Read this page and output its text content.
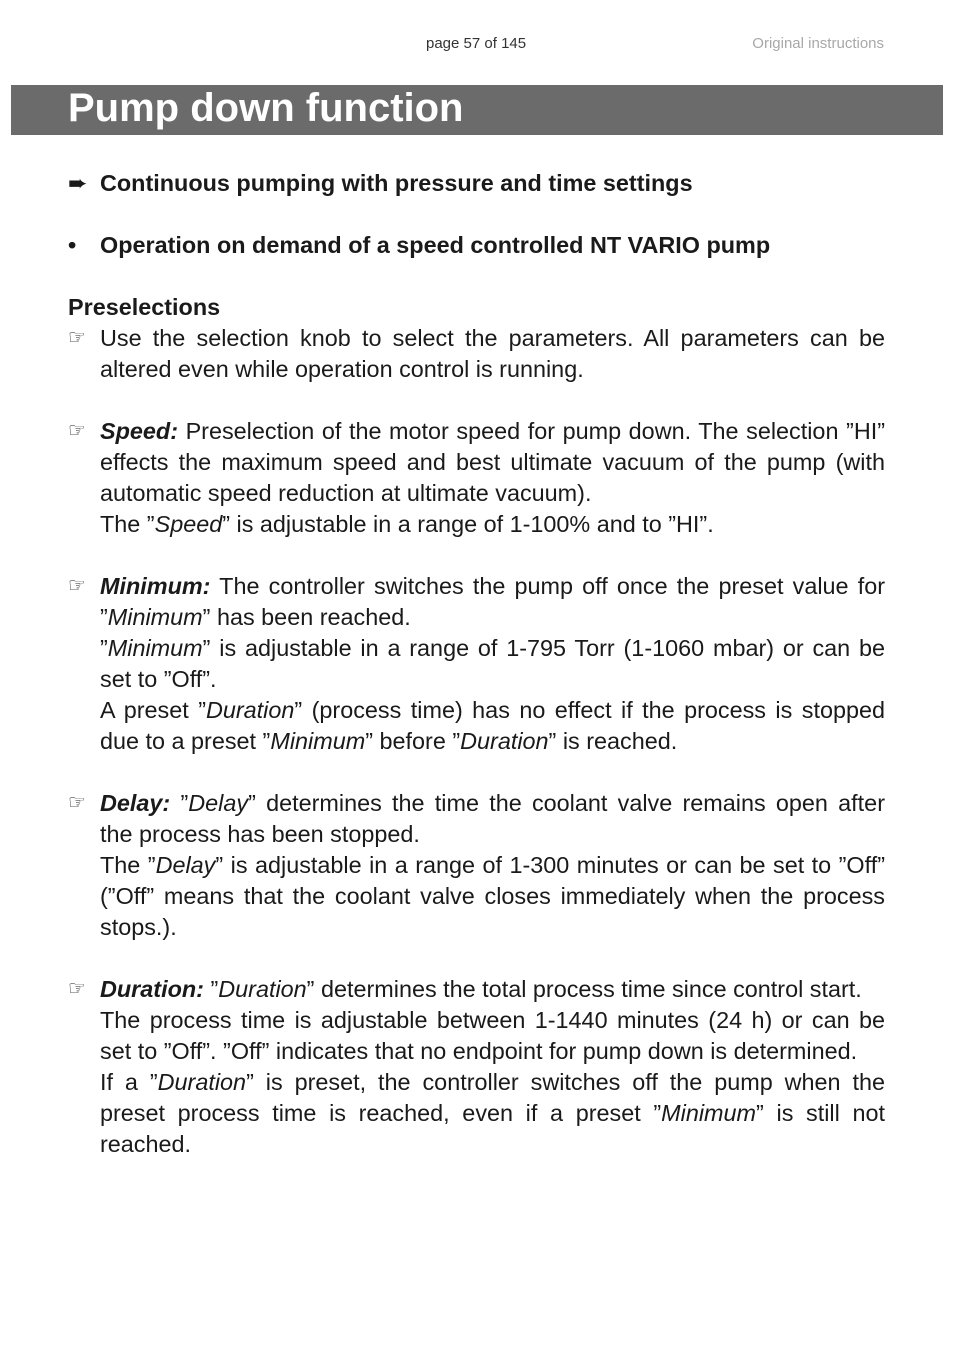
page 57 of 145	Original instructions
Pump down function
➨ Continuous pumping with pressure and time settings
•	Operation on demand of a speed controlled NT VARIO pump
Preselections
☞ Use the selection knob to select the parameters. All parameters can be altered even while operation control is running.
☞ Speed: Preselection of the motor speed for pump down. The selection ”HI” effects the maximum speed and best ultimate vacuum of the pump (with automatic speed reduction at ultimate vacuum).
The ”Speed” is adjustable in a range of 1-100% and to ”HI”.
☞ Minimum: The controller switches the pump off once the preset value for ”Minimum” has been reached.
”Minimum” is adjustable in a range of 1-795 Torr (1-1060 mbar) or can be set to ”Off”.
A preset ”Duration” (process time) has no effect if the process is stopped due to a preset ”Minimum” before ”Duration” is reached.
☞ Delay: ”Delay” determines the time the coolant valve remains open after the process has been stopped.
The ”Delay” is adjustable in a range of 1-300 minutes or can be set to ”Off” (”Off” means that the coolant valve closes immediately when the process stops.).
☞ Duration: ”Duration” determines the total process time since control start.
The process time is adjustable between 1-1440 minutes (24 h) or can be set to ”Off”. ”Off” indicates that no endpoint for pump down is determined.
If a ”Duration” is preset, the controller switches off the pump when the preset process time is reached, even if a preset ”Minimum” is still not reached.
